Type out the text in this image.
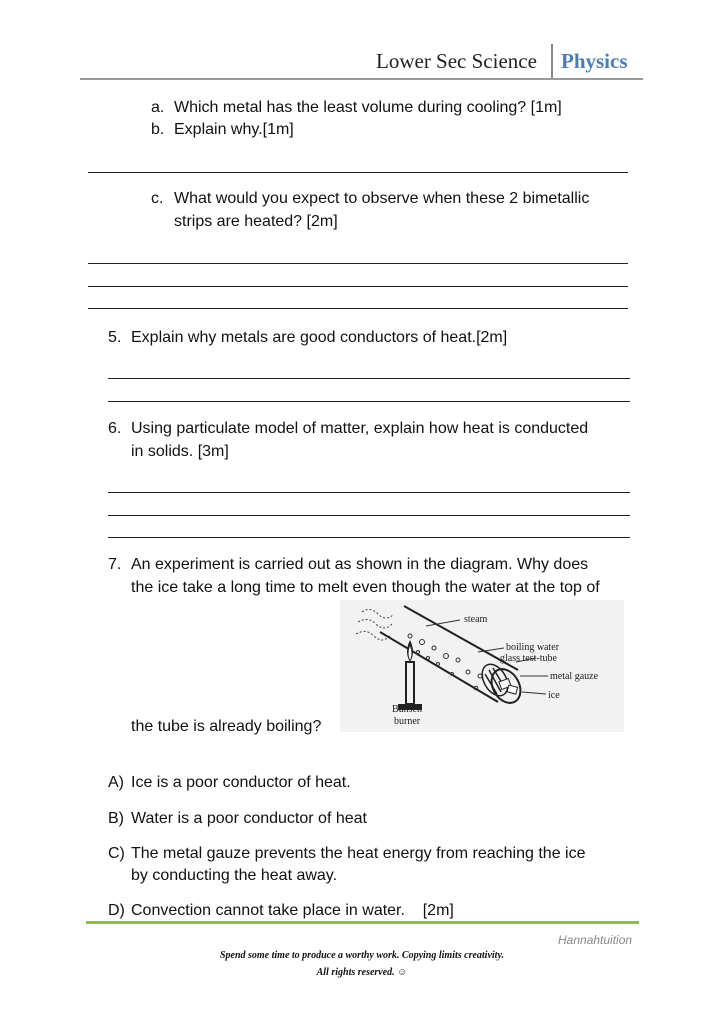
Lower Sec Science Physics
a. Which metal has the least volume during cooling? [1m]
b. Explain why.[1m]
c. What would you expect to observe when these 2 bimetallic
strips are heated? [2m]
5. Explain why metals are good conductors of heat.[2m]
6. Using particulate model of matter, explain how heat is conducted
in solids. [3m]
7. An experiment is carried out as shown in the diagram. Why does
the ice take a long time to melt even though the water at the top of
the tube is already boiling?
steam
boiling water
glass test-tube
metal gauze
ice
Bunsen
burner
A) Ice is a poor conductor of heat.
B) Water is a poor conductor of heat
C) The metal gauze prevents the heat energy from reaching the ice
by conducting the heat away.
D) Convection cannot take place in water.    [2m]
Hannahtuition
Spend some time to produce a worthy work. Copying limits creativity.
All rights reserved. ☺
